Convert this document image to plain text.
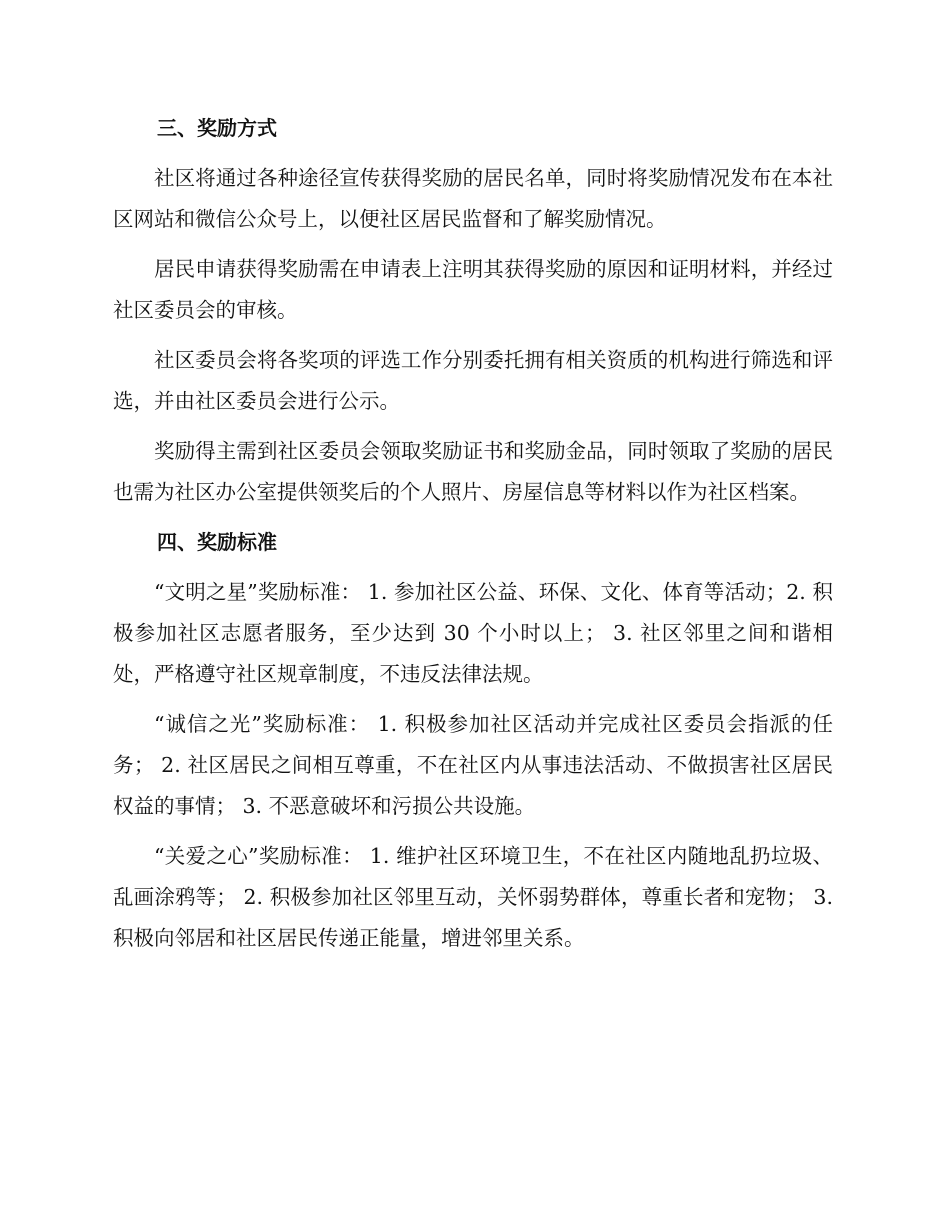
三、奖励方式

社区将通过各种途径宣传获得奖励的居民名单，同时将奖励情况发布在本社区网站和微信公众号上，以便社区居民监督和了解奖励情况。

居民申请获得奖励需在申请表上注明其获得奖励的原因和证明材料，并经过社区委员会的审核。

社区委员会将各奖项的评选工作分别委托拥有相关资质的机构进行筛选和评选，并由社区委员会进行公示。

奖励得主需到社区委员会领取奖励证书和奖励金品，同时领取了奖励的居民也需为社区办公室提供领奖后的个人照片、房屋信息等材料以作为社区档案。

四、奖励标准

“文明之星”奖励标准： 1. 参加社区公益、环保、文化、体育等活动；2. 积极参加社区志愿者服务，至少达到 30 个小时以上； 3. 社区邻里之间和谐相处，严格遵守社区规章制度，不违反法律法规。

“诚信之光”奖励标准： 1. 积极参加社区活动并完成社区委员会指派的任务； 2. 社区居民之间相互尊重，不在社区内从事违法活动、不做损害社区居民权益的事情； 3. 不恶意破坏和污损公共设施。

“关爱之心”奖励标准： 1. 维护社区环境卫生，不在社区内随地乱扔垃圾、乱画涂鸦等； 2. 积极参加社区邻里互动，关怀弱势群体，尊重长者和宠物； 3. 积极向邻居和社区居民传递正能量，增进邻里关系。
